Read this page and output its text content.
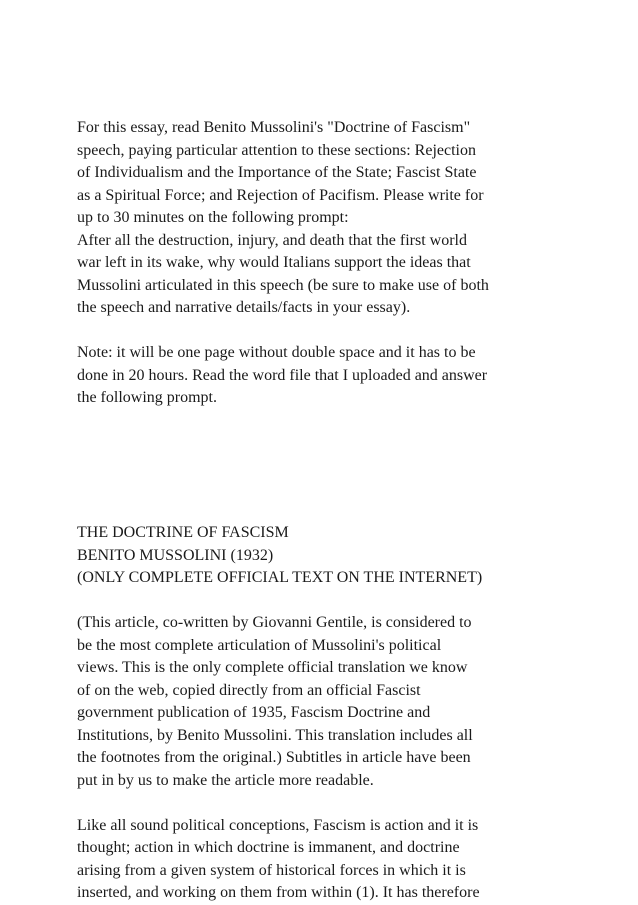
For this essay, read Benito Mussolini's "Doctrine of Fascism"
speech, paying particular attention to these sections: Rejection
of Individualism and the Importance of the State; Fascist State
as a Spiritual Force; and Rejection of Pacifism. Please write for
up to 30 minutes on the following prompt:
After all the destruction, injury, and death that the first world
war left in its wake, why would Italians support the ideas that
Mussolini articulated in this speech (be sure to make use of both
the speech and narrative details/facts in your essay).
Note: it will be one page without double space and it has to be
done in 20 hours. Read the word file that I uploaded and answer
the following prompt.
THE DOCTRINE OF FASCISM
BENITO MUSSOLINI (1932)
(ONLY COMPLETE OFFICIAL TEXT ON THE INTERNET)
(This article, co-written by Giovanni Gentile, is considered to
be the most complete articulation of Mussolini's political
views. This is the only complete official translation we know
of on the web, copied directly from an official Fascist
government publication of 1935, Fascism Doctrine and
Institutions, by Benito Mussolini. This translation includes all
the footnotes from the original.) Subtitles in article have been
put in by us to make the article more readable.
Like all sound political conceptions, Fascism is action and it is
thought; action in which doctrine is immanent, and doctrine
arising from a given system of historical forces in which it is
inserted, and working on them from within (1). It has therefore
